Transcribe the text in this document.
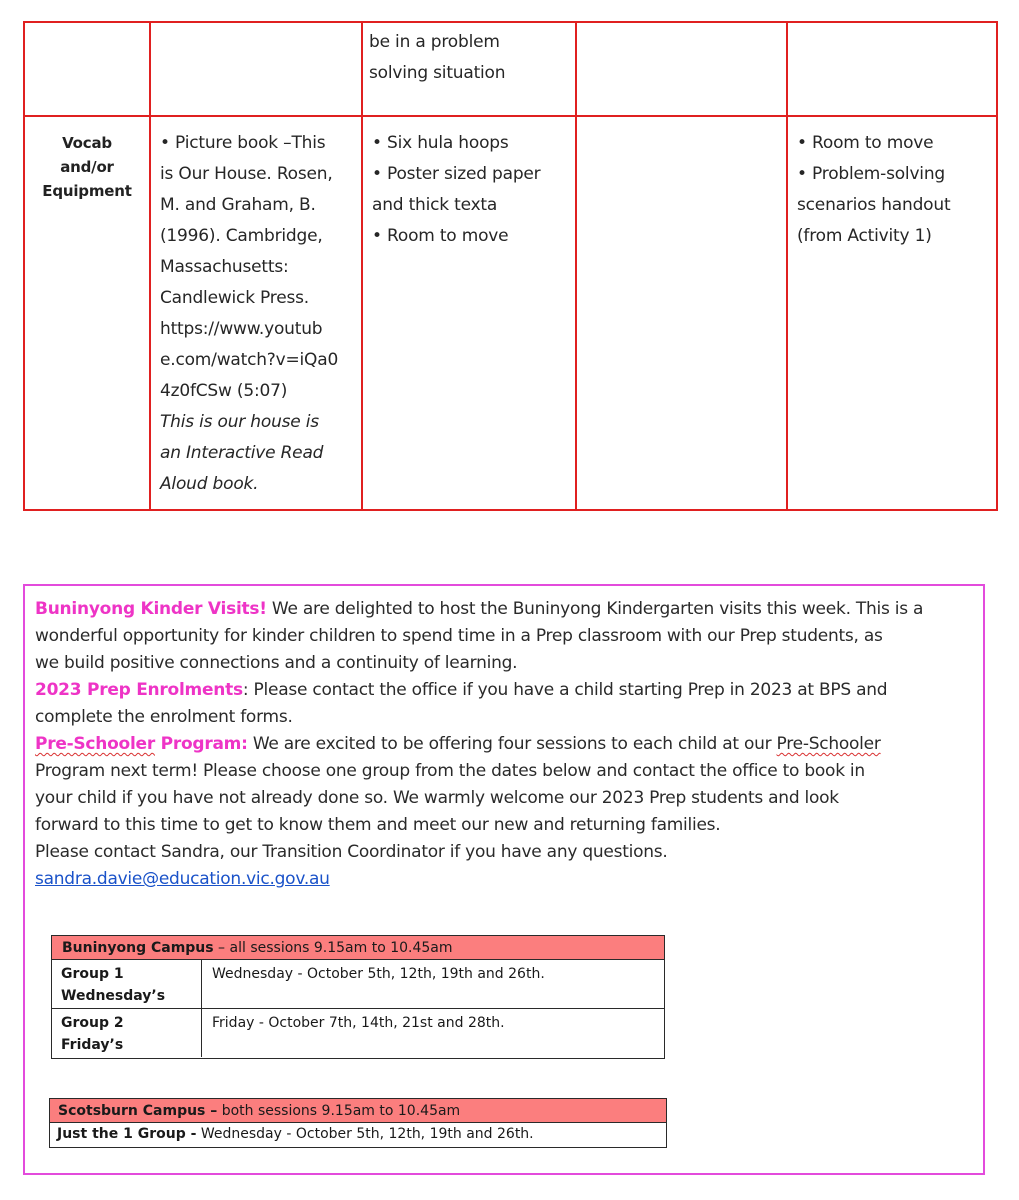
be in a problem
solving situation
Vocab
and/or
Equipment
• Picture book –This
is Our House. Rosen,
M. and Graham, B.
(1996). Cambridge,
Massachusetts:
Candlewick Press.
https://www.youtub
e.com/watch?v=iQa0
4z0fCSw (5:07)
This is our house is
an Interactive Read
Aloud book.
• Six hula hoops
• Poster sized paper
and thick texta
• Room to move
• Room to move
• Problem-solving
scenarios handout
(from Activity 1)
Buninyong Kinder Visits! We are delighted to host the Buninyong Kindergarten visits this week. This is a
wonderful opportunity for kinder children to spend time in a Prep classroom with our Prep students, as
we build positive connections and a continuity of learning.
2023 Prep Enrolments: Please contact the office if you have a child starting Prep in 2023 at BPS and
complete the enrolment forms.
Pre-Schooler Program: We are excited to be offering four sessions to each child at our Pre-Schooler
Program next term! Please choose one group from the dates below and contact the office to book in
your child if you have not already done so. We warmly welcome our 2023 Prep students and look
forward to this time to get to know them and meet our new and returning families.
Please contact Sandra, our Transition Coordinator if you have any questions.
sandra.davie@education.vic.gov.au
Buninyong Campus – all sessions 9.15am to 10.45am
Group 1
Wednesday’s
Wednesday - October 5th, 12th, 19th and 26th.
Group 2
Friday’s
Friday - October 7th, 14th, 21st and 28th.
Scotsburn Campus – both sessions 9.15am to 10.45am
Just the 1 Group - Wednesday - October 5th, 12th, 19th and 26th.
